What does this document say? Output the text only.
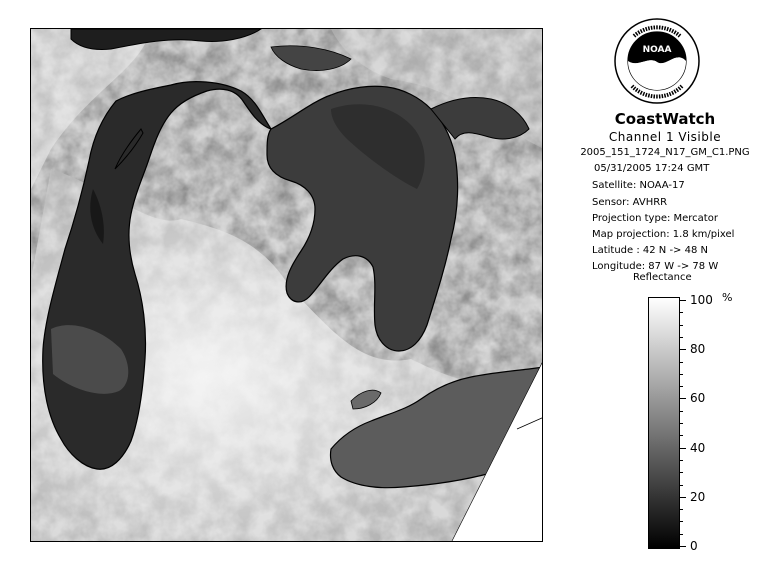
NOAA
CoastWatch
Channel 1 Visible
2005_151_1724_N17_GM_C1.PNG
05/31/2005 17:24 GMT
Satellite: NOAA-17
Sensor: AVHRR
Projection type: Mercator
Map projection: 1.8 km/pixel
Latitude : 42 N -> 48 N
Longitude: 87 W -> 78 W
Reflectance
%
100
80
60
40
20
0
